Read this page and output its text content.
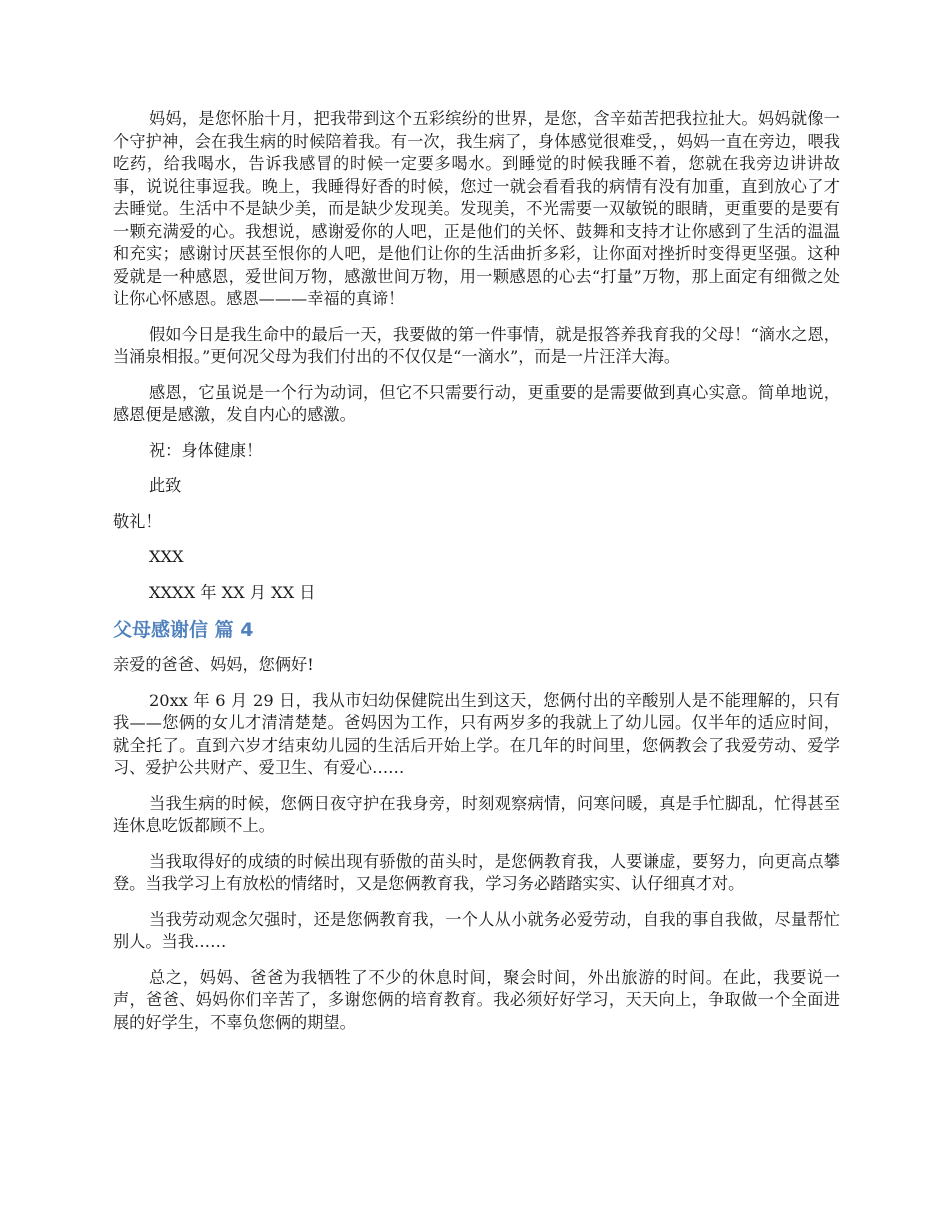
妈妈，是您怀胎十月，把我带到这个五彩缤纷的世界，是您，含辛茹苦把我拉扯大。妈妈就像一个守护神，会在我生病的时候陪着我。有一次，我生病了，身体感觉很难受，，妈妈一直在旁边，喂我吃药，给我喝水，告诉我感冒的时候一定要多喝水。到睡觉的时候我睡不着，您就在我旁边讲讲故事，说说往事逗我。晚上，我睡得好香的时候，您过一就会看看我的病情有没有加重，直到放心了才去睡觉。生活中不是缺少美，而是缺少发现美。发现美，不光需要一双敏锐的眼睛，更重要的是要有一颗充满爱的心。我想说，感谢爱你的人吧，正是他们的关怀、鼓舞和支持才让你感到了生活的温温和充实；感谢讨厌甚至恨你的人吧，是他们让你的生活曲折多彩，让你面对挫折时变得更坚强。这种爱就是一种感恩，爱世间万物，感激世间万物，用一颗感恩的心去“打量”万物，那上面定有细微之处让你心怀感恩。感恩———幸福的真谛！

假如今日是我生命中的最后一天，我要做的第一件事情，就是报答养我育我的父母！“滴水之恩，当涌泉相报。”更何况父母为我们付出的不仅仅是“一滴水”，而是一片汪洋大海。

感恩，它虽说是一个行为动词，但它不只需要行动，更重要的是需要做到真心实意。简单地说，感恩便是感激，发自内心的感激。

祝：身体健康！

此致

敬礼！

XXX

XXXX 年 XX 月 XX 日

父母感谢信 篇 4

亲爱的爸爸、妈妈，您俩好!

20xx 年 6 月 29 日，我从市妇幼保健院出生到这天，您俩付出的辛酸别人是不能理解的，只有我——您俩的女儿才清清楚楚。爸妈因为工作，只有两岁多的我就上了幼儿园。仅半年的适应时间，就全托了。直到六岁才结束幼儿园的生活后开始上学。在几年的时间里，您俩教会了我爱劳动、爱学习、爱护公共财产、爱卫生、有爱心……

当我生病的时候，您俩日夜守护在我身旁，时刻观察病情，问寒问暖，真是手忙脚乱，忙得甚至连休息吃饭都顾不上。

当我取得好的成绩的时候出现有骄傲的苗头时，是您俩教育我，人要谦虚，要努力，向更高点攀登。当我学习上有放松的情绪时，又是您俩教育我，学习务必踏踏实实、认仔细真才对。

当我劳动观念欠强时，还是您俩教育我，一个人从小就务必爱劳动，自我的事自我做，尽量帮忙别人。当我……

总之，妈妈、爸爸为我牺牲了不少的休息时间，聚会时间，外出旅游的时间。在此，我要说一声，爸爸、妈妈你们辛苦了，多谢您俩的培育教育。我必须好好学习，天天向上，争取做一个全面进展的好学生，不辜负您俩的期望。
